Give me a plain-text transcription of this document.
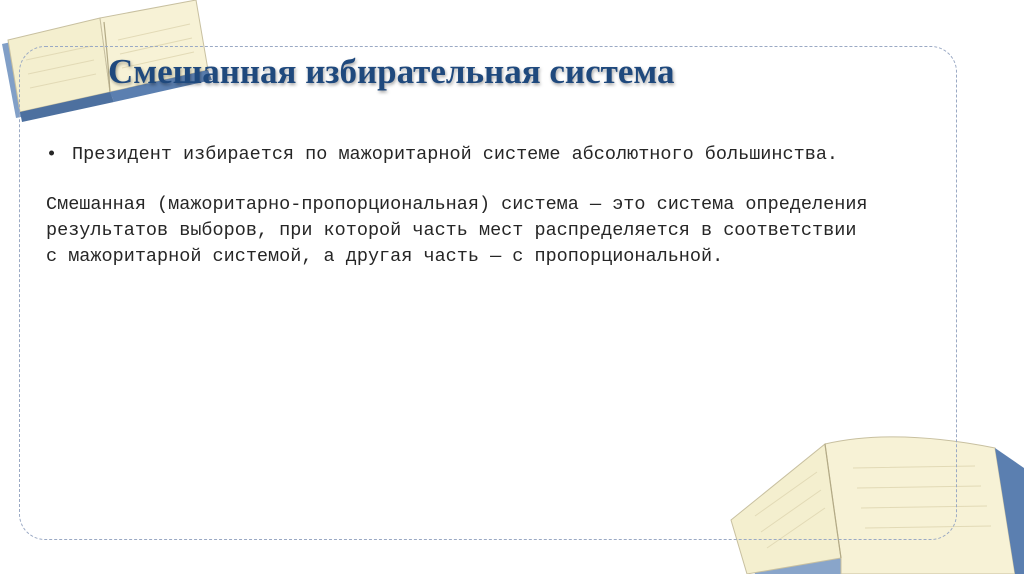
Смешанная избирательная система
• Президент избирается по мажоритарной системе абсолютного большинства.
Смешанная (мажоритарно-пропорциональная) система — это система определения результатов выборов, при которой часть мест распределяется в соответствии с мажоритарной системой, а другая часть — с пропорциональной.
